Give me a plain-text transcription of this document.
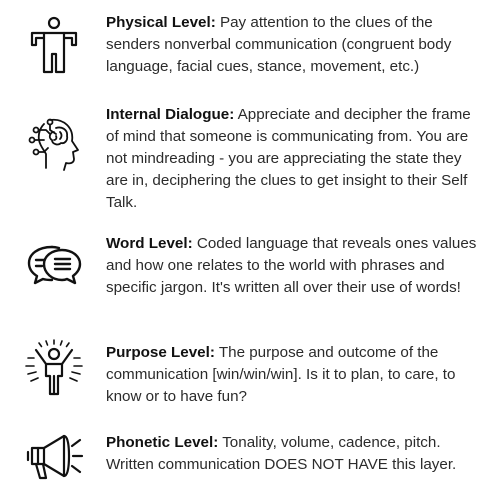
Physical Level: Pay attention to the clues of the senders nonverbal communication (congruent body language, facial cues, stance, movement, etc.)

Internal Dialogue: Appreciate and decipher the frame of mind that someone is communicating from. You are not mindreading - you are appreciating the state they are in, deciphering the clues to get insight to their Self Talk.

Word Level: Coded language that reveals ones values and how one relates to the world with phrases and specific jargon. It's written all over their use of words!

Purpose Level: The purpose and outcome of the communication [win/win/win]. Is it to plan, to care, to know or to have fun?

Phonetic Level: Tonality, volume, cadence, pitch. Written communication DOES NOT HAVE this layer.
